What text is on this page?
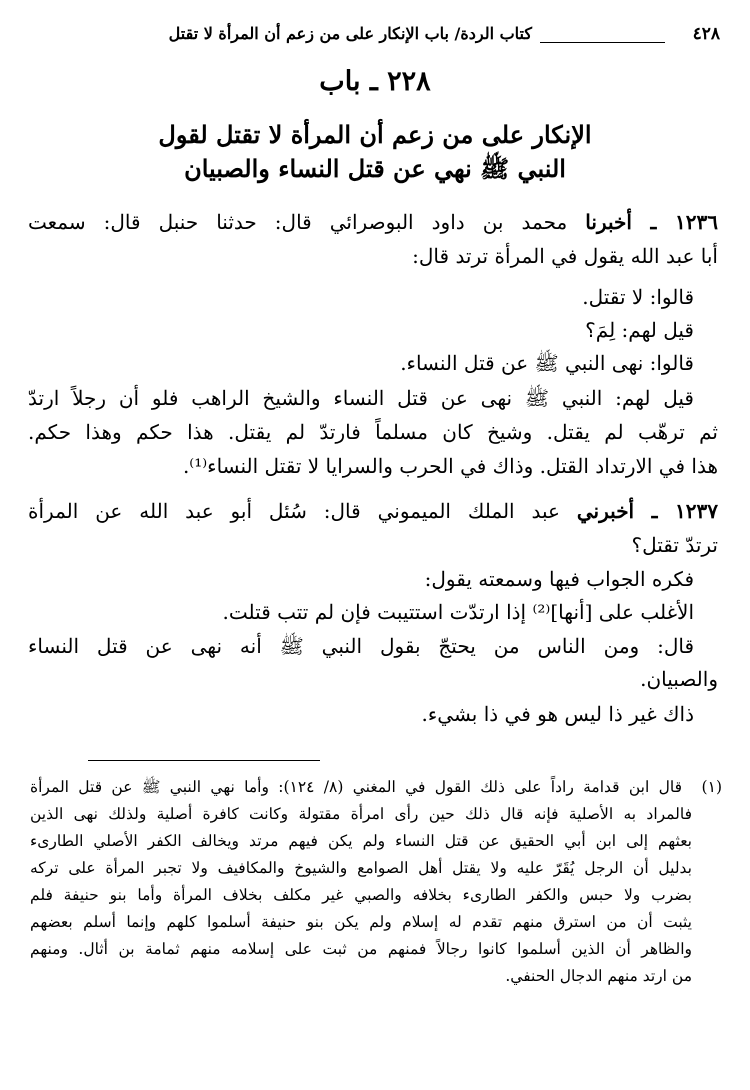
٤٢٨
كتاب الردة/ باب الإنكار على من زعم أن المرأة لا تقتل
٢٢٨ ـ باب
الإنكار على من زعم أن المرأة لا تقتل لقول
النبي ﷺ نهي عن قتل النساء والصبيان
١٢٣٦ ـ أخبرنا محمد بن داود البوصرائي قال: حدثنا حنبل قال: سمعت
أبا عبد الله يقول في المرأة ترتد قال:
قالوا: لا تقتل.
قيل لهم: لِمَ؟
قالوا: نهى النبي ﷺ عن قتل النساء.
قيل لهم: النبي ﷺ نهى عن قتل النساء والشيخ الراهب فلو أن رجلاً ارتدّ
ثم ترهّب لم يقتل. وشيخ كان مسلماً فارتدّ لم يقتل. هذا حكم وهذا حكم.
هذا في الارتداد القتل. وذاك في الحرب والسرايا لا تقتل النساء⁽¹⁾.
١٢٣٧ ـ أخبرني عبد الملك الميموني قال: سُئل أبو عبد الله عن المرأة
ترتدّ تقتل؟
فكره الجواب فيها وسمعته يقول:
الأغلب على [أنها]⁽²⁾ إذا ارتدّت استتيبت فإن لم تتب قتلت.
قال: ومن الناس من يحتجّ بقول النبي ﷺ أنه نهى عن قتل النساء
والصبيان.
ذاك غير ذا ليس هو في ذا بشيء.
(١)
قال ابن قدامة راداً على ذلك القول في المغني (٨/ ١٢٤): وأما نهي النبي ﷺ عن قتل المرأة
فالمراد به الأصلية فإنه قال ذلك حين رأى امرأة مقتولة وكانت كافرة أصلية ولذلك نهى الذين
بعثهم إلى ابن أبي الحقيق عن قتل النساء ولم يكن فيهم مرتد ويخالف الكفر الأصلي الطارىء
بدليل أن الرجل يُقَرّ عليه ولا يقتل أهل الصوامع والشيوخ والمكافيف ولا تجبر المرأة على تركه
بضرب ولا حبس والكفر الطارىء بخلافه والصبي غير مكلف بخلاف المرأة وأما بنو حنيفة فلم
يثبت أن من استرق منهم تقدم له إسلام ولم يكن بنو حنيفة أسلموا كلهم وإنما أسلم بعضهم
والظاهر أن الذين أسلموا كانوا رجالاً فمنهم من ثبت على إسلامه منهم ثمامة بن أثال. ومنهم
من ارتد منهم الدجال الحنفي.
